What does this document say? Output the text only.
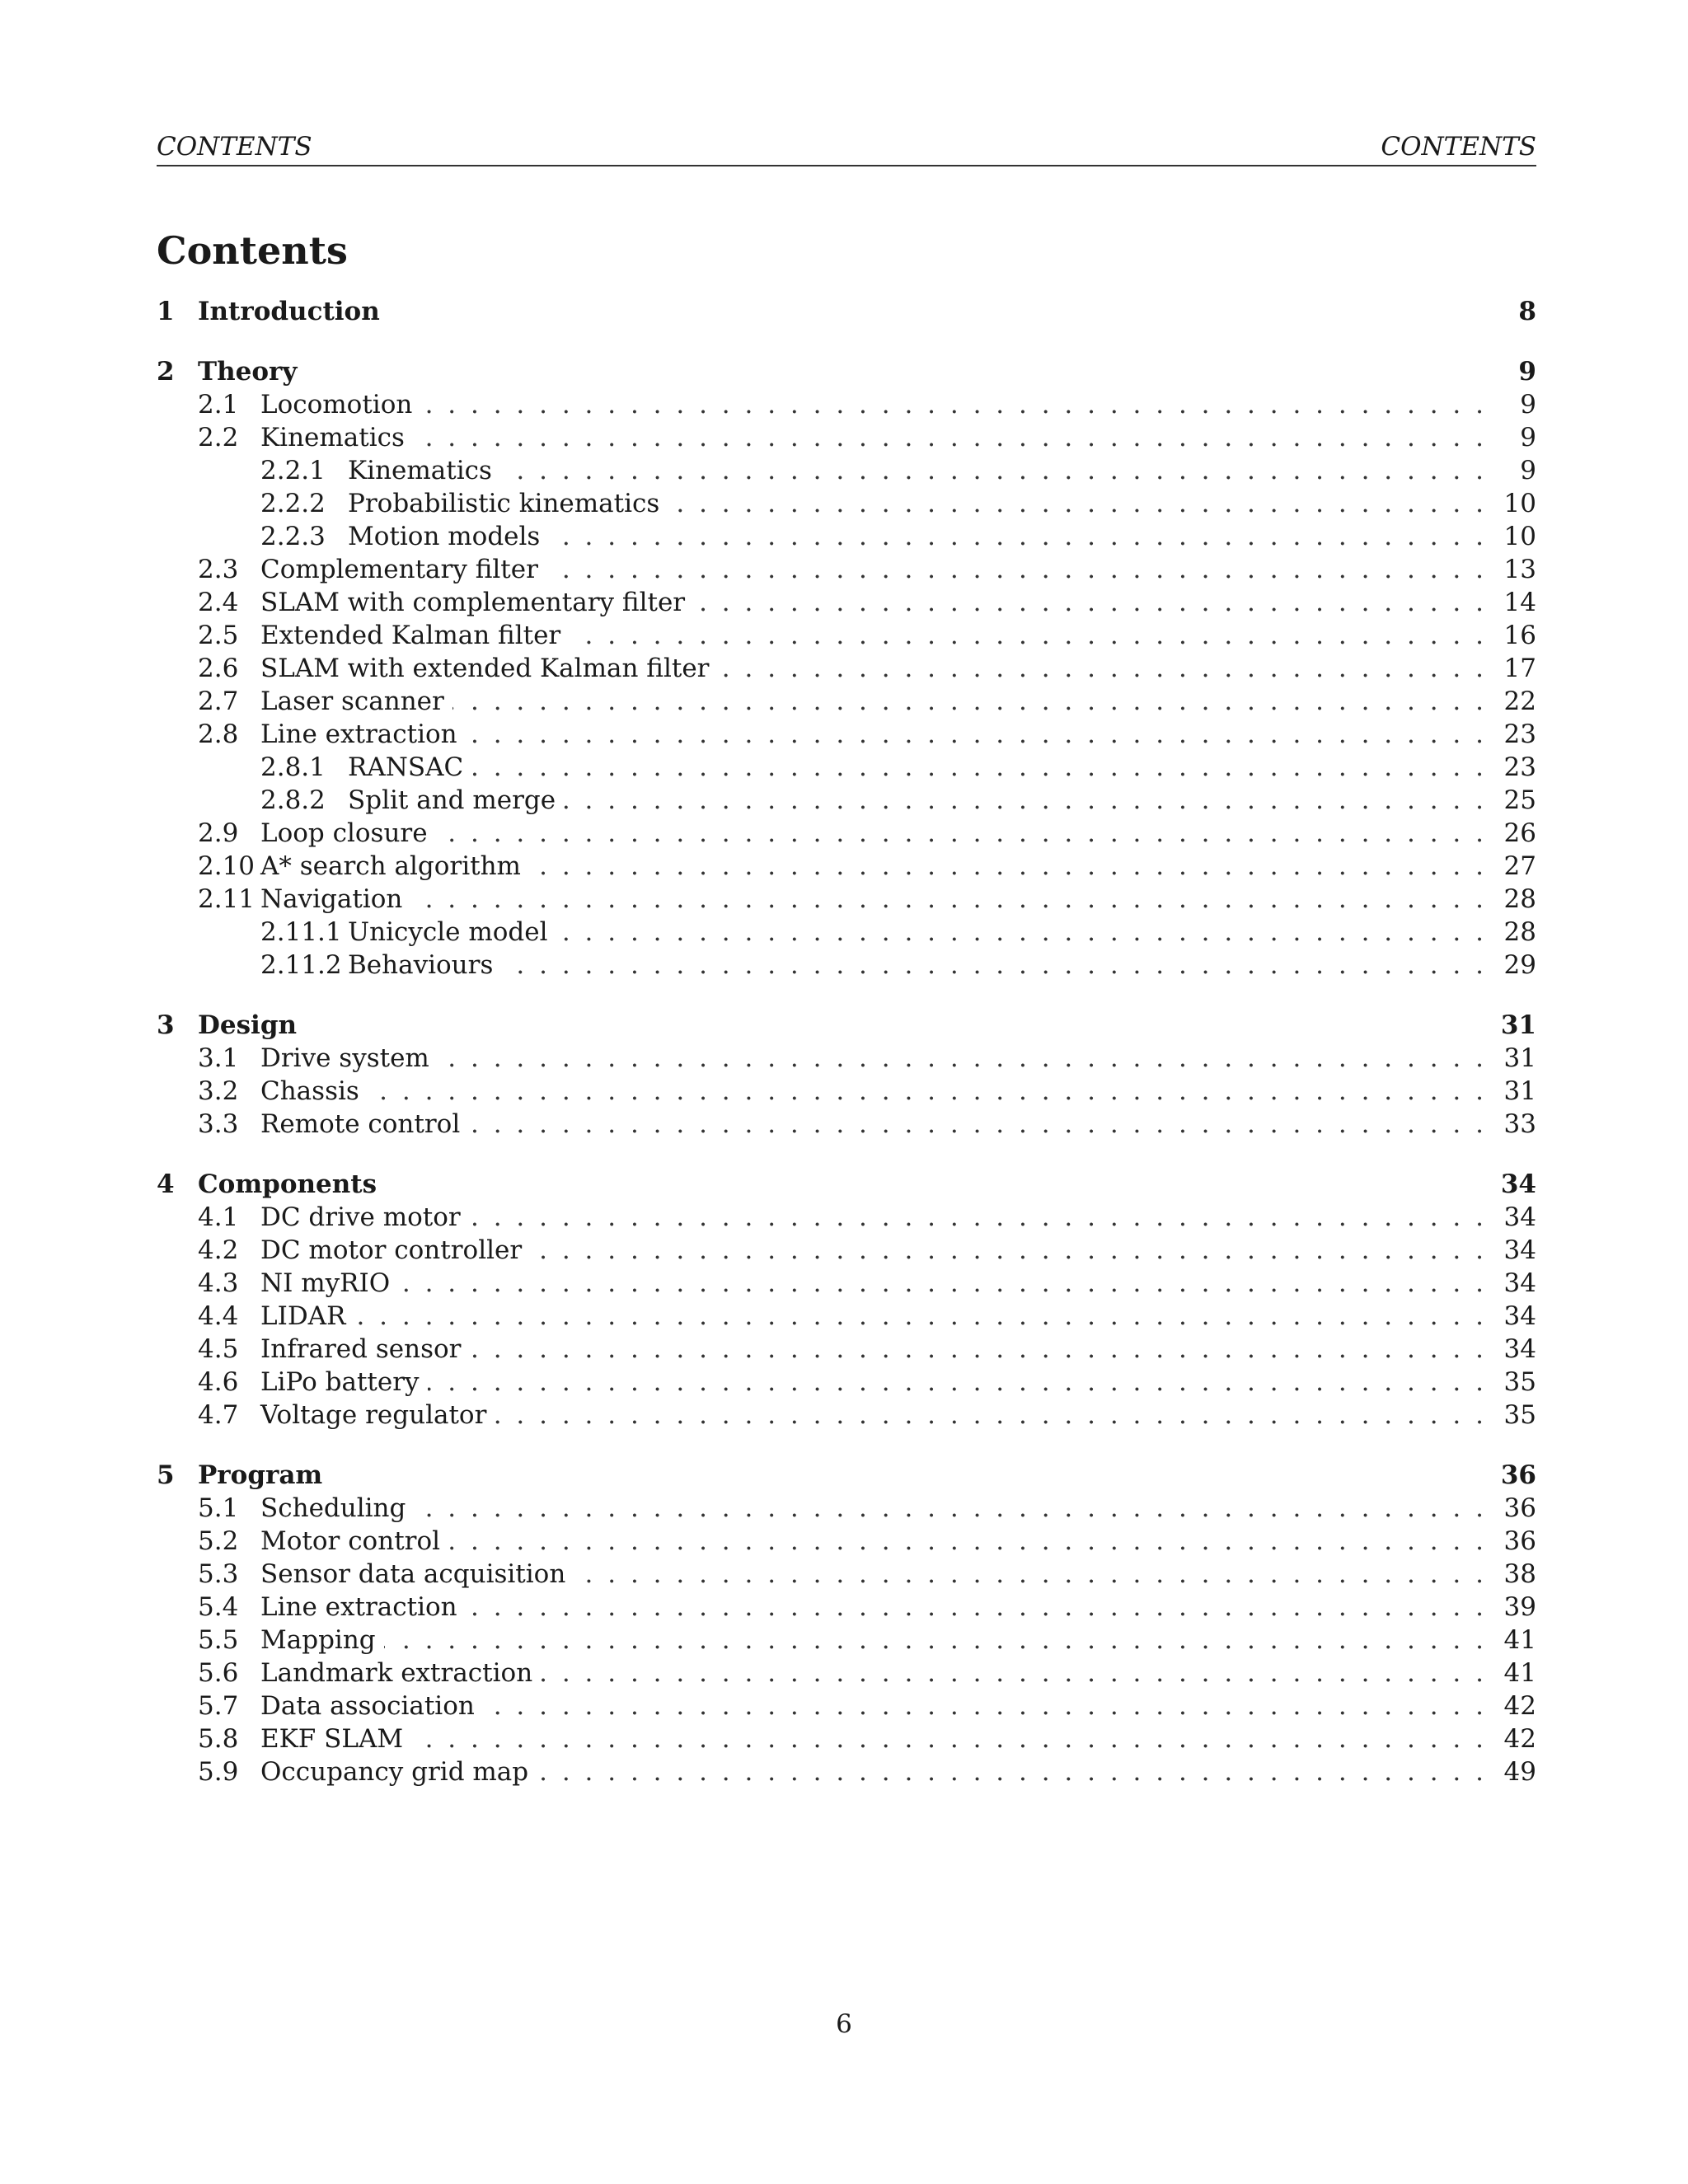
CONTENTS	CONTENTS
Contents
1 Introduction	8
2 Theory	9
2.1 Locomotion . . .	9
2.2 Kinematics . . .	9
2.2.1 Kinematics . . .	9
2.2.2 Probabilistic kinematics . . .	10
2.2.3 Motion models . . .	10
2.3 Complementary filter . . .	13
2.4 SLAM with complementary filter . . .	14
2.5 Extended Kalman filter . . .	16
2.6 SLAM with extended Kalman filter . . .	17
2.7 Laser scanner . . .	22
2.8 Line extraction . . .	23
2.8.1 RANSAC . . .	23
2.8.2 Split and merge . . .	25
2.9 Loop closure . . .	26
2.10 A* search algorithm . . .	27
2.11 Navigation . . .	28
2.11.1 Unicycle model . . .	28
2.11.2 Behaviours . . .	29
3 Design	31
3.1 Drive system . . .	31
3.2 Chassis . . .	31
3.3 Remote control . . .	33
4 Components	34
4.1 DC drive motor . . .	34
4.2 DC motor controller . . .	34
4.3 NI myRIO . . .	34
4.4 LIDAR . . .	34
4.5 Infrared sensor . . .	34
4.6 LiPo battery . . .	35
4.7 Voltage regulator . . .	35
5 Program	36
5.1 Scheduling . . .	36
5.2 Motor control . . .	36
5.3 Sensor data acquisition . . .	38
5.4 Line extraction . . .	39
5.5 Mapping . . .	41
5.6 Landmark extraction . . .	41
5.7 Data association . . .	42
5.8 EKF SLAM . . .	42
5.9 Occupancy grid map . . .	49
6
